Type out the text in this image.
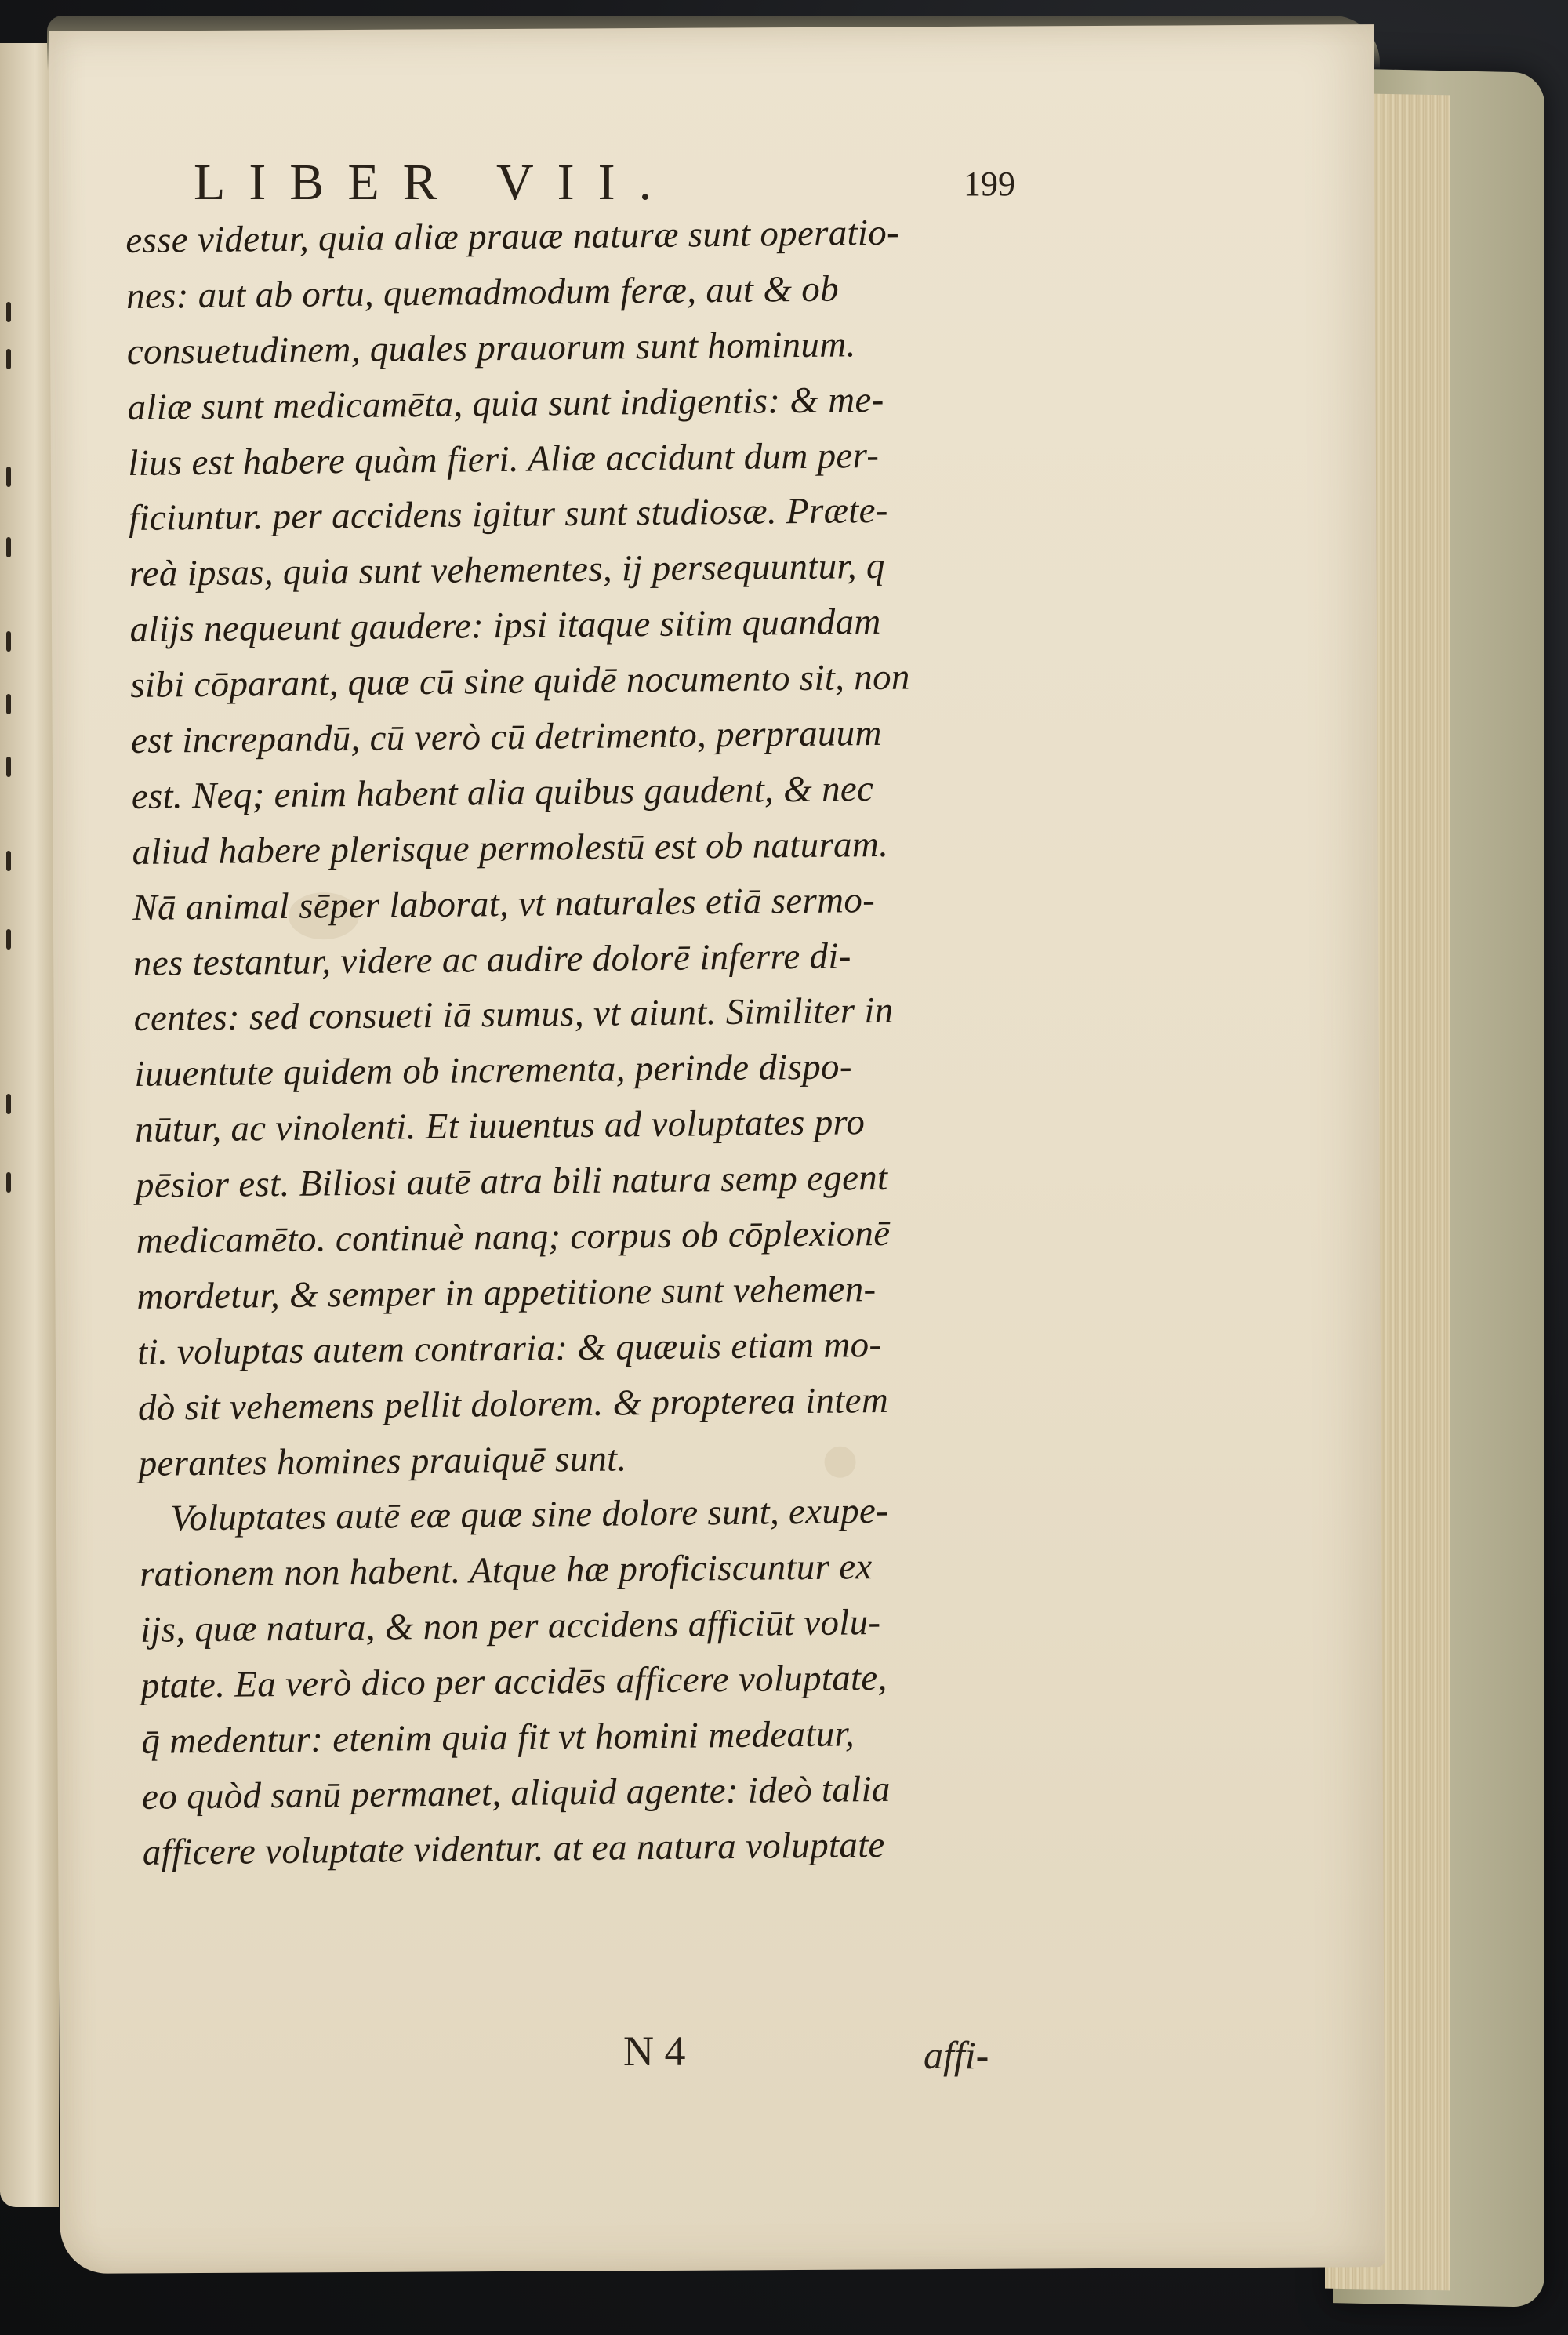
LIBER VII.	199
esse videtur, quia aliæ prauæ naturæ sunt operatio-
nes: aut ab ortu, quemadmodum feræ, aut & ob
consuetudinem, quales prauorum sunt hominum.
aliæ sunt medicamēta, quia sunt indigentis: & me-
lius est habere quàm fieri. Aliæ accidunt dum per-
ficiuntur. per accidens igitur sunt studiosæ. Præte-
reà ipsas, quia sunt vehementes, ij persequuntur, q
alijs nequeunt gaudere: ipsi itaque sitim quandam
sibi cōparant, quæ cū sine quidē nocumento sit, non
est increpandū, cū verò cū detrimento, perprauum
est. Neq; enim habent alia quibus gaudent, & nec
aliud habere plerisque permolestū est ob naturam.
Nā animal sēper laborat, vt naturales etiā sermo-
nes testantur, videre ac audire dolorē inferre di-
centes: sed consueti iā sumus, vt aiunt. Similiter in
iuuentute quidem ob incrementa, perinde dispo-
nūtur, ac vinolenti. Et iuuentus ad voluptates pro
pēsior est. Biliosi autē atra bili natura semp egent
medicamēto. continuè nanq; corpus ob cōplexionē
mordetur, & semper in appetitione sunt vehemen-
ti. voluptas autem contraria: & quæuis etiam mo-
dò sit vehemens pellit dolorem. & propterea intem
perantes homines prauiquē sunt.
Voluptates autē eæ quæ sine dolore sunt, exupe-
rationem non habent. Atque hæ proficiscuntur ex
ijs, quæ natura, & non per accidens afficiūt volu-
ptate. Ea verò dico per accidēs afficere voluptate,
q̄ medentur: etenim quia fit vt homini medeatur,
eo quòd sanū permanet, aliquid agente: ideò talia
afficere voluptate videntur. at ea natura voluptate
N 4	affi-
